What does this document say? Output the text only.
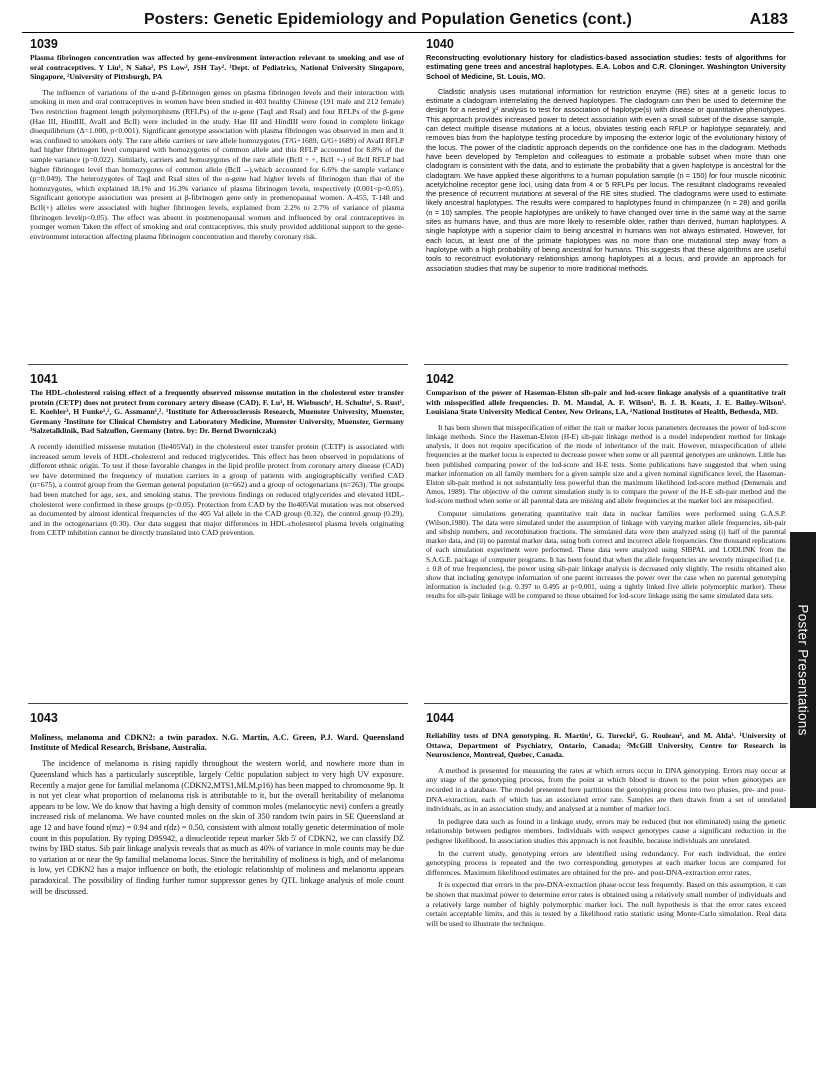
Posters: Genetic Epidemiology and Population Genetics (cont.)	A183
1039
Plasma fibrinogen concentration was affected by gene-environment interaction relevant to smoking and use of oral contraceptives. Y Liu¹, N Saha², PS Low², JSH Tay². ¹Dept. of Pediatrics, National University Singapore, Singapore, ²University of Pittsburgh, PA

The influence of variations of the α-and β-fibrinogen genes on plasma fibrinogen levels and their interaction with smoking in men and oral contraceptives in women have been studied in 403 healthy Chinese (191 male and 212 female) Two restriction fragment length polymorphisms (RFLPs) of the α-gene (TaqI and RsaI) and four RFLPs of the β-gene (Hae III, HindIII, AvaII and BclI) were included in the study. Hae III and HindIII were found in complete linkage disequilibrium (Δ=1.000, p<0.001). Significant genotype association with plasma fibrinogen was observed in men and it was confined to smokers only. The rare allele carriers or rare allele homozygotes (T/G+1689, G/G+1689) of AvaII RFLP had higher fibrinogen level compared with homozygotes of common allele and this RFLP accounted for 8.8% of the sample variance (p=0.022). Similarly, carriers and homozygotes of the rare allele (BclI + +, BclI +-) of BclI RFLP had higher fibrinogen level than homozygotes of common allele (BclI --),which accounted for 6.6% the sample variance (p=0.049). The heterozygotes of TaqI and RsaI sites of the α-gene had higher levels of fibrinogen than that of the homozygotes, which explained 18.1% and 16.3% variance of plasma fibrinogen levels, respectively (0.001<p<0.05). Significant genotype association was present at β-fibrinogen gene only in premenopausal women. A-455, T-148 and BclI(+) alleles were associated with higher fibrinogen levels, explained from 2.2% to 2.7% of variance of plasma fibrinogen level(p<0.05). The effect was absent in postmenopausal women and influenced by oral contraceptives in younger women Taken the effect of smoking and oral contraceptives, this study provided additional support to the gene-environment interaction affecting plasma fibrinogen concentration and thereby coronary risk.

1040
Reconstructing evolutionary history for cladistics-based association studies: tests of algorithms for estimating gene trees and ancestral haplotypes. E.A. Lobos and C.R. Cloninger. Washington University School of Medicine, St. Louis, MO.

Cladistic analysis uses mutational information for restriction enzyme (RE) sites at a genetic locus to estimate a cladogram interrelating the derived haplotypes. The cladogram can then be used to determine the design for a nested χ² analysis to test for association of haplotype(s) with disease or quantitative phenotypes. This approach provides increased power to detect association with even a small subset of the disease sample, can detect multiple disease mutations at a locus, obviates testing each RFLP or haplotype separately, and removes bias from the haplotype testing procedure by imposing the exterior logic of the evolutionary history of the locus. The power of the cladistic approach depends on the confidence one has in the cladogram. Methods have been developed by Templeton and colleagues to estimate a probable subset when more than one cladogram is consistent with the data, and to estimate the probability that a given haplotype is ancestral for the cladogram. We have applied these algorithms to a human population sample (n = 150) for four muscle nicotinic acetylcholine receptor gene loci, using data from 4 or 5 RFLPs per locus. The resultant cladograms revealed the presence of recurrent mutations at several of the RE sites studied. The cladograms were used to estimate likely ancestral haplotypes. The results were compared to haplotypes found in chimpanzee (n = 28) and gorilla (n = 10) samples. The people haplotypes are unlikely to have changed over time in the same way at the same sites as humans have, and thus are more likely to resemble older, rather than derived, human haplotypes. A single haplotype with a superior claim to being ancestral in humans was not always estimated. However, for each locus, at least one of the primate haplotypes was no more than one mutational step away from a haplotype with a high probability of being ancestral for humans. This suggests that these algorithms are useful tools to reconstruct evolutionary relationships among haplotypes at a locus, and provide an approach for association studies that may be superior to more traditional methods.

1041
The HDL-cholesterol raising effect of a frequently observed missense mutation in the cholesterol ester transfer protein (CETP) does not protect from coronary artery disease (CAD). F. Lu¹, H. Wiebusch¹, H. Schulte¹, S. Rust¹, E. Koehler³, H Funke¹,², G. Assmann¹,². ¹Institute for Atherosclerosis Research, Muenster University, Muenster, Germany ²Institute for Clinical Chemistry and Laboratory Medicine, Muenster University, Muenster, Germany ³Salzetalklinik, Bad Salzuflen, Germany (Intro. by: Dr. Bernd Dworniczak)

A recently identified missense mutation (Ile405Val) in the cholesterol ester transfer protein (CETP) is associated with increased serum levels of HDL-cholesterol and reduced triglycerides. This effect has been observed in populations of different ethnic origin. To test if these favorable changes in the lipid profile protect from coronary artery disease (CAD) we have determined the frequency of mutation carriers in a group of patients with angiographically verified CAD (n=675), a control group from the German general population (n=662) and a group of octogenarians (n=263). The groups had been matched for age, sex, and smoking status. The previous findings on reduced triglycerides and elevated HDL-cholesterol were confirmed in these groups (p<0.05). Protection from CAD by the Ile405Val mutation was not observed as documented by almost identical frequencies of the 405 Val allele in the CAD group (0.32), the control group (0.29), and in the octogenarians (0.30). Our data suggest that major differences in HDL-cholesterol plasma levels originating from CETP inhibition cannot be directly translated into CAD prevention.

1042
Comparison of the power of Haseman-Elston sib-pair and lod-score linkage analysis of a quantitative trait with misspecified allele frequencies. D. M. Mandal, A. F. Wilson¹, B. J. B. Keats, J. E. Bailey-Wilson¹. Louisiana State University Medical Center, New Orleans, LA, ¹National Institutes of Health, Bethesda, MD.

It has been shown that misspecification of either the trait or marker locus parameters decreases the power of lod-score linkage methods. Since the Haseman-Elston (H-E) sib-pair linkage method is a model independent method for linkage analysis, it does not require specification of the mode of inheritance of the trait. However, misspecification of allele frequencies at the marker locus is expected to decrease power when some or all parental genotypes are unknown. Little has been published comparing power of the lod-score and H-E tests. Some publications have suggested that when using marker information on all family members for a given sample size and a given nominal significance level, the Haseman-Elston sib-pair method is not substantially less powerful than the maximum likelihood lod-score method (Demenais and Amos, 1989). The objective of the current simulation study is to compare the power of the H-E sib-pair method and the lod-score method when some or all parental data are missing and allele frequencies at the marker loci are misspecified.

Computer simulations generating quantitative trait data in nuclear families were performed using G.A.S.P. (Wilson,1980). The data were simulated under the assumption of linkage with varying marker allele frequencies, sib-pair and sibship numbers, and recombination fractions. The simulated data were then analyzed using (i) half of the parental marker data, and (ii) no parental marker data, using both correct and incorrect allele frequencies. One thousand replications of each simulation experiment were performed. These data were analyzed using SIBPAL and LODLINK from the S.A.G.E. package of computer programs. It has been found that when the allele frequencies are severely misspecified (i.e. ± 0.8 of true frequencies), the power using sib-pair linkage analysis is decreased only slightly. The results obtained also show that including genotype information of one parent increases the power over the case when no parental genotyping information is included (e.g. 0.397 to 0.495 at p<0.001, using a tightly linked five allele polymorphic marker). These results for sib-pair linkage will be compared to those obtained for lod-score linkage using the same simulated data sets.

1043
Moliness, melanoma and CDKN2: a twin paradox. N.G. Martin, A.C. Green, P.J. Ward. Queensland Institute of Medical Research, Brisbane, Australia.

The incidence of melanoma is rising rapidly throughout the western world, and nowhere more than in Queensland which has a particularly susceptible, largely Celtic population subject to very high UV exposure. Recently a major gene for familial melanoma (CDKN2,MTS1,MLM,p16) has been mapped to chromosome 9p. It is not yet clear what proportion of melanoma risk is attributable to it, but the overall heritability of melanoma appears to be low. We do know that having a high density of common moles (melanocytic nevi) confers a greatly increased risk of melanoma. We have counted moles on the skin of 350 random twin pairs in SE Queensland at age 12 and have found r(mz) = 0.94 and r(dz) = 0.50, consistent with almost totally genetic determination of mole count in this population. By typing D9S942, a dinucleotide repeat marker 5kb 5' of CDKN2, we can classify DZ twins by IBD status. Sib pair linkage analysis reveals that as much as 40% of variance in mole counts may be due to variation at or near the 9p familial melanoma locus. Since the heritability of moliness is high, and of melanoma is low, yet CDKN2 has a major influence on both, the etiologic relationship of moliness and melanoma appears paradoxical. The possibility of finding further tumor suppressor genes by QTL linkage analysis of mole count will be discussed.

1044
Reliability tests of DNA genotyping. R. Martin¹, G. Turecki², G. Rouleau², and M. Alda¹. ¹University of Ottawa, Department of Psychiatry, Ontario, Canada; ²McGill University, Centre for Research in Neuroscience, Montreal, Quebec, Canada.

A method is presented for measuring the rates at which errors occur in DNA genotyping. Errors may occur at any stage of the genotyping process, from the point at which blood is drawn to the point when genotypes are recorded in a database. The model presented here partitions the genotyping process into two phases, pre- and post-DNA-extraction, each of which has an associated error rate. Samples are then drawn from a set of unrelated individuals, as in an association study, and analysed at a number of marker loci.

In pedigree data such as found in a linkage study, errors may be reduced (but not eliminated) using the genetic relationship between pedigree members. Individuals with suspect genotypes cause a significant reduction in the pedigree likelihood. In association studies this approach is not feasible, because individuals are unrelated.

In the current study, genotyping errors are identified using redundancy. For each individual, the entire genotyping process is repeated and the two corresponding genotypes at each marker locus are compared for differences. Maximum likelihood estimates are obtained for the pre- and post-DNA-extraction error rates.

It is expected that errors in the pre-DNA-extraction phase occur less frequently. Based on this assumption, it can be shown that maximal power to determine error rates is obtained using a relatively small number of individuals and a relatively large number of highly polymorphic marker loci. The null hypothesis is that the error rates exceed certain acceptable limits, and this is tested by a likelihood ratio statistic using Monte-Carlo simulation. Real data will be used to illustrate the technique.

Poster Presentations
